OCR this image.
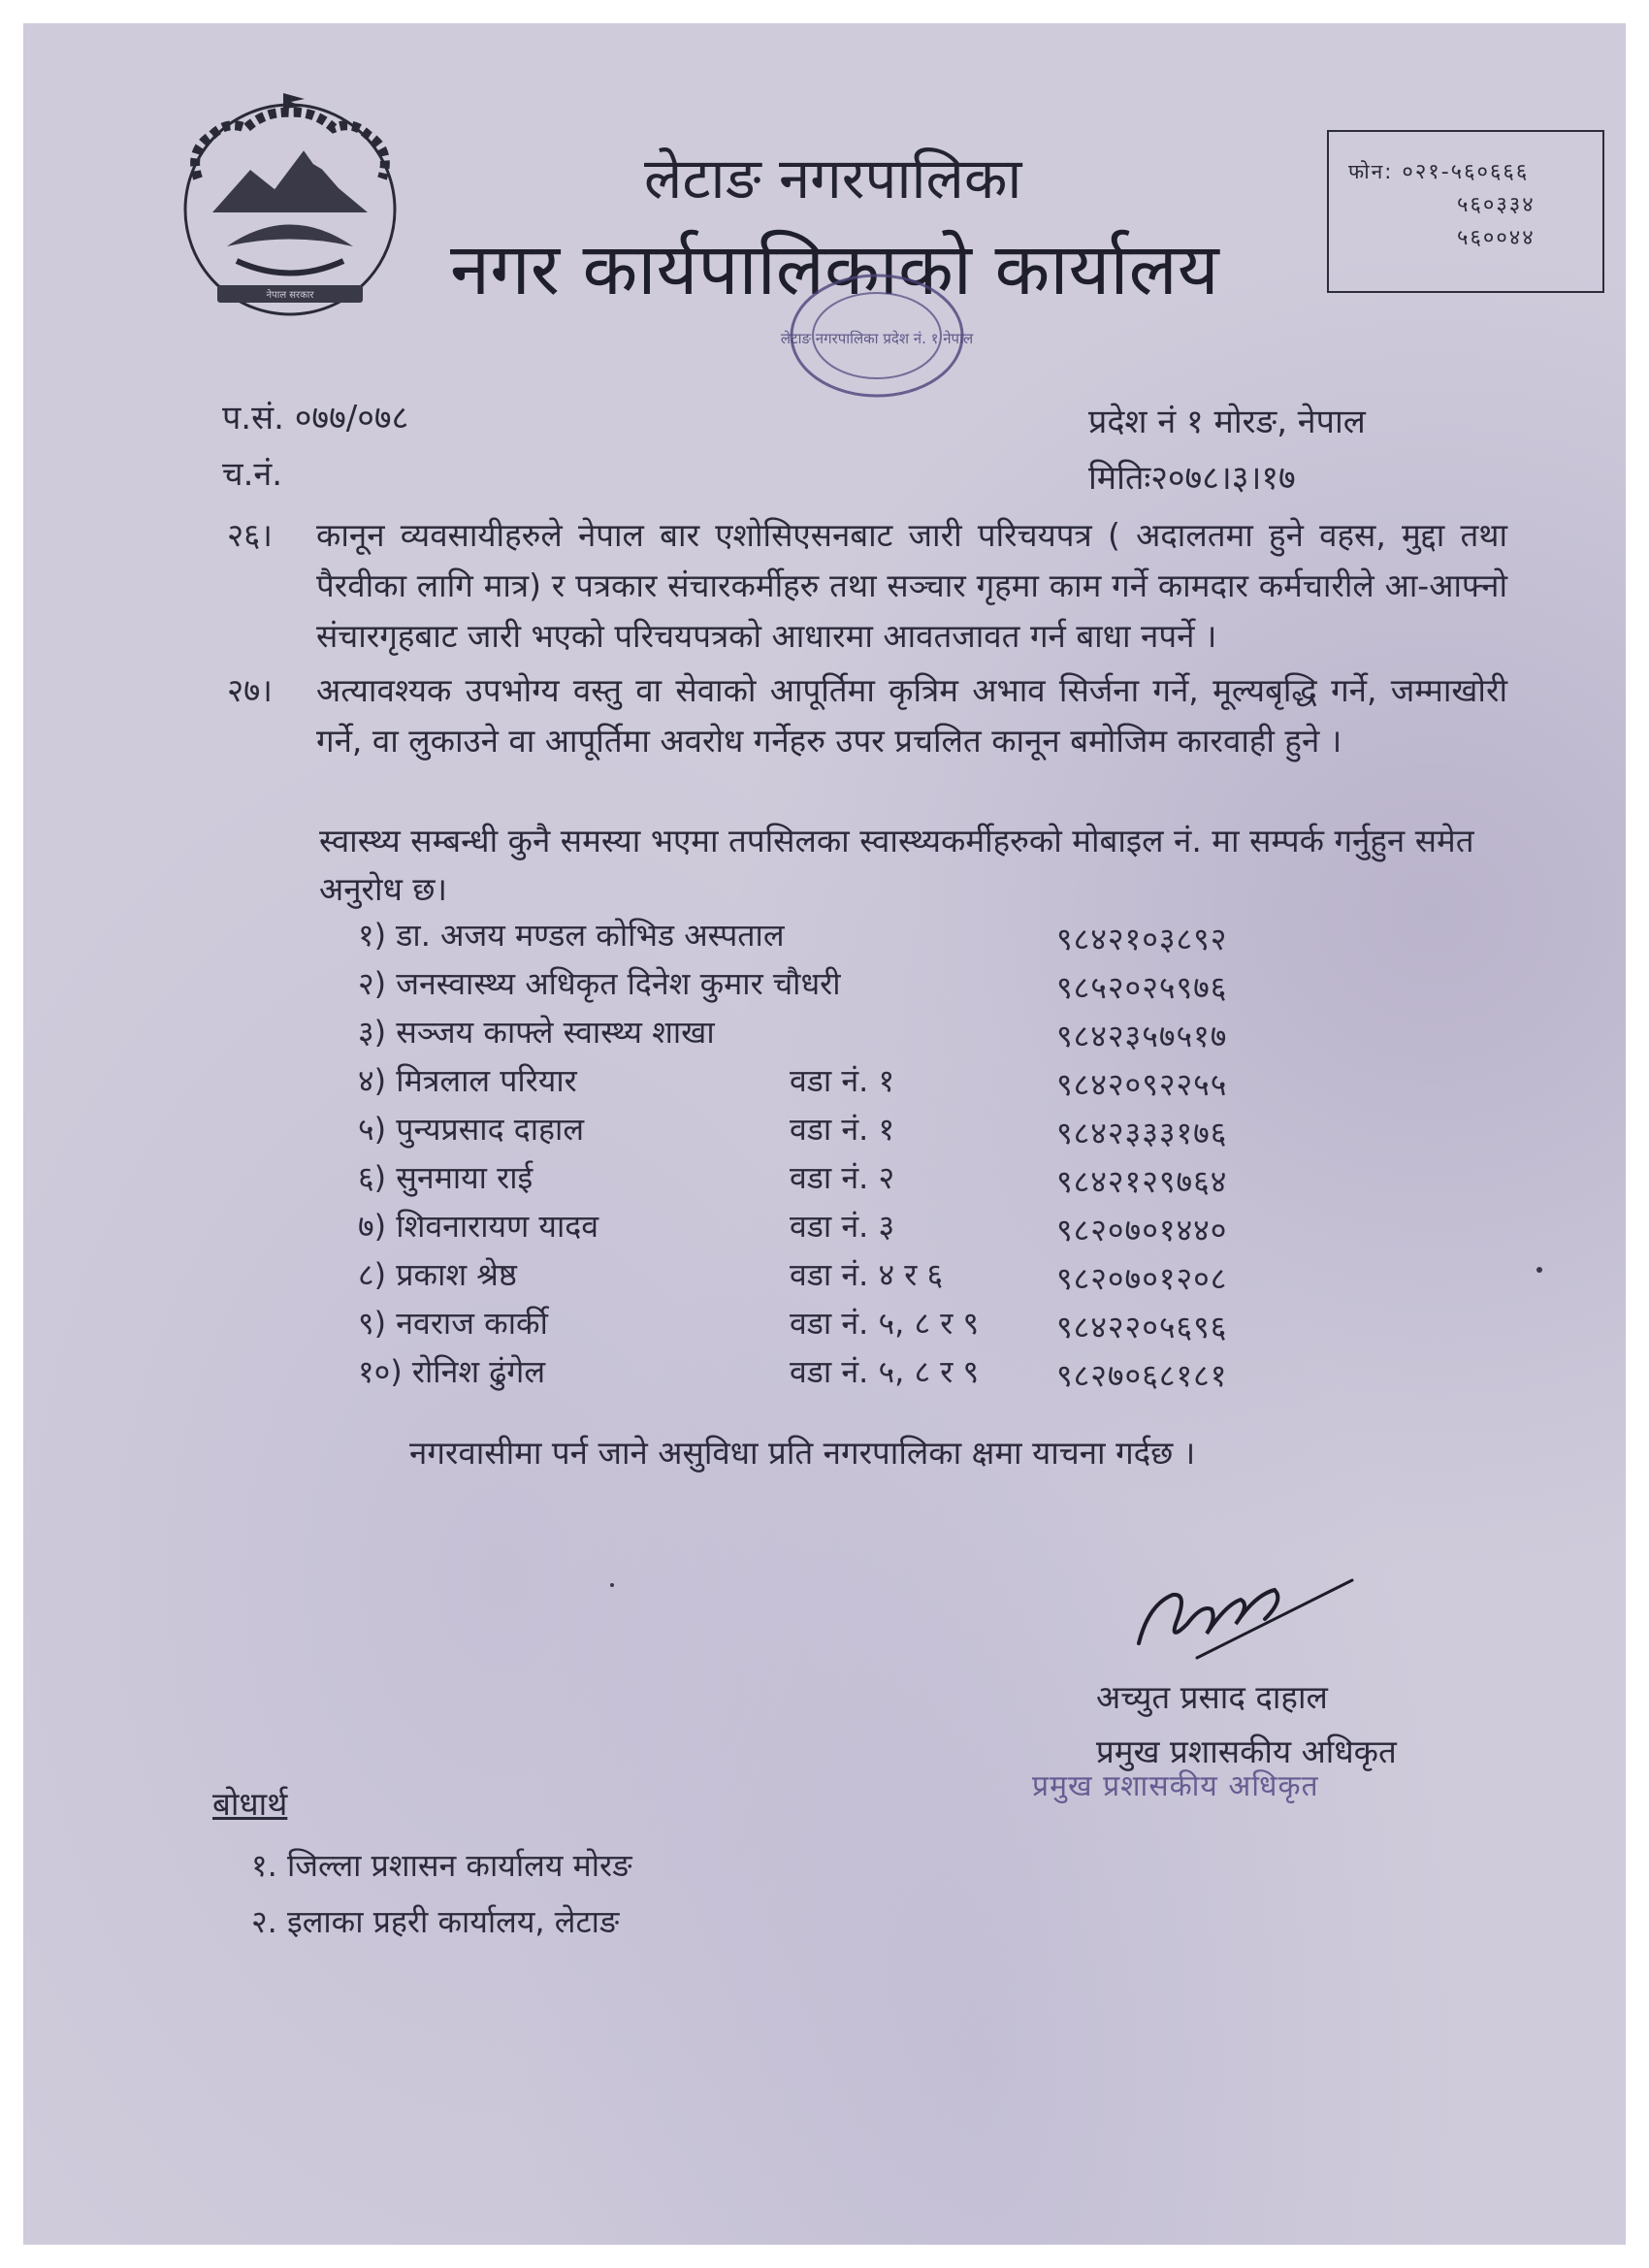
नेपाल सरकार
लेटाङ नगरपालिका
नगर कार्यपालिकाको कार्यालय
फोन: ०२१-५६०६६६
५६०३३४
५६००४४
लेटाङ नगरपालिका प्रदेश नं. १ नेपाल
प.सं. ०७७/०७८
च.नं.
प्रदेश नं १ मोरङ, नेपाल
मितिः२०७८।३।१७
२६। कानून व्यवसायीहरुले नेपाल बार एशोसिएसनबाट जारी परिचयपत्र ( अदालतमा हुने वहस, मुद्दा तथा पैरवीका लागि मात्र) र पत्रकार संचारकर्मीहरु तथा सञ्चार गृहमा काम गर्ने कामदार कर्मचारीले आ-आफ्नो संचारगृहबाट जारी भएको परिचयपत्रको आधारमा आवतजावत गर्न बाधा नपर्ने ।
२७। अत्यावश्यक उपभोग्य वस्तु वा सेवाको आपूर्तिमा कृत्रिम अभाव सिर्जना गर्ने, मूल्यबृद्धि गर्ने, जम्माखोरी गर्ने, वा लुकाउने वा आपूर्तिमा अवरोध गर्नेहरु उपर प्रचलित कानून बमोजिम कारवाही हुने ।
स्वास्थ्य सम्बन्धी कुनै समस्या भएमा तपसिलका स्वास्थ्यकर्मीहरुको मोबाइल नं. मा सम्पर्क गर्नुहुन समेत अनुरोध छ।
१) डा. अजय मण्डल कोभिड अस्पताल	९८४२१०३८९२
२) जनस्वास्थ्य अधिकृत दिनेश कुमार चौधरी	९८५२०२५९७६
३) सञ्जय काफ्ले स्वास्थ्य शाखा	९८४२३५७५१७
४) मित्रलाल परियार	वडा नं. १	९८४२०९२२५५
५) पुन्यप्रसाद दाहाल	वडा नं. १	९८४२३३३१७६
६) सुनमाया राई	वडा नं. २	९८४२१२९७६४
७) शिवनारायण यादव	वडा नं. ३	९८२०७०१४४०
८) प्रकाश श्रेष्ठ	वडा नं. ४ र ६	९८२०७०१२०८
९) नवराज कार्की	वडा नं. ५, ८ र ९ ९८४२२०५६९६
१०) रोनिश ढुंगेल	वडा नं. ५, ८ र ९ ९८२७०६८१८१
नगरवासीमा पर्न जाने असुविधा प्रति नगरपालिका क्षमा याचना गर्दछ ।
अच्युत प्रसाद दाहाल
प्रमुख प्रशासकीय अधिकृत
प्रमुख प्रशासकीय अधिकृत
बोधार्थ
१. जिल्ला प्रशासन कार्यालय मोरङ
२. इलाका प्रहरी कार्यालय, लेटाङ
